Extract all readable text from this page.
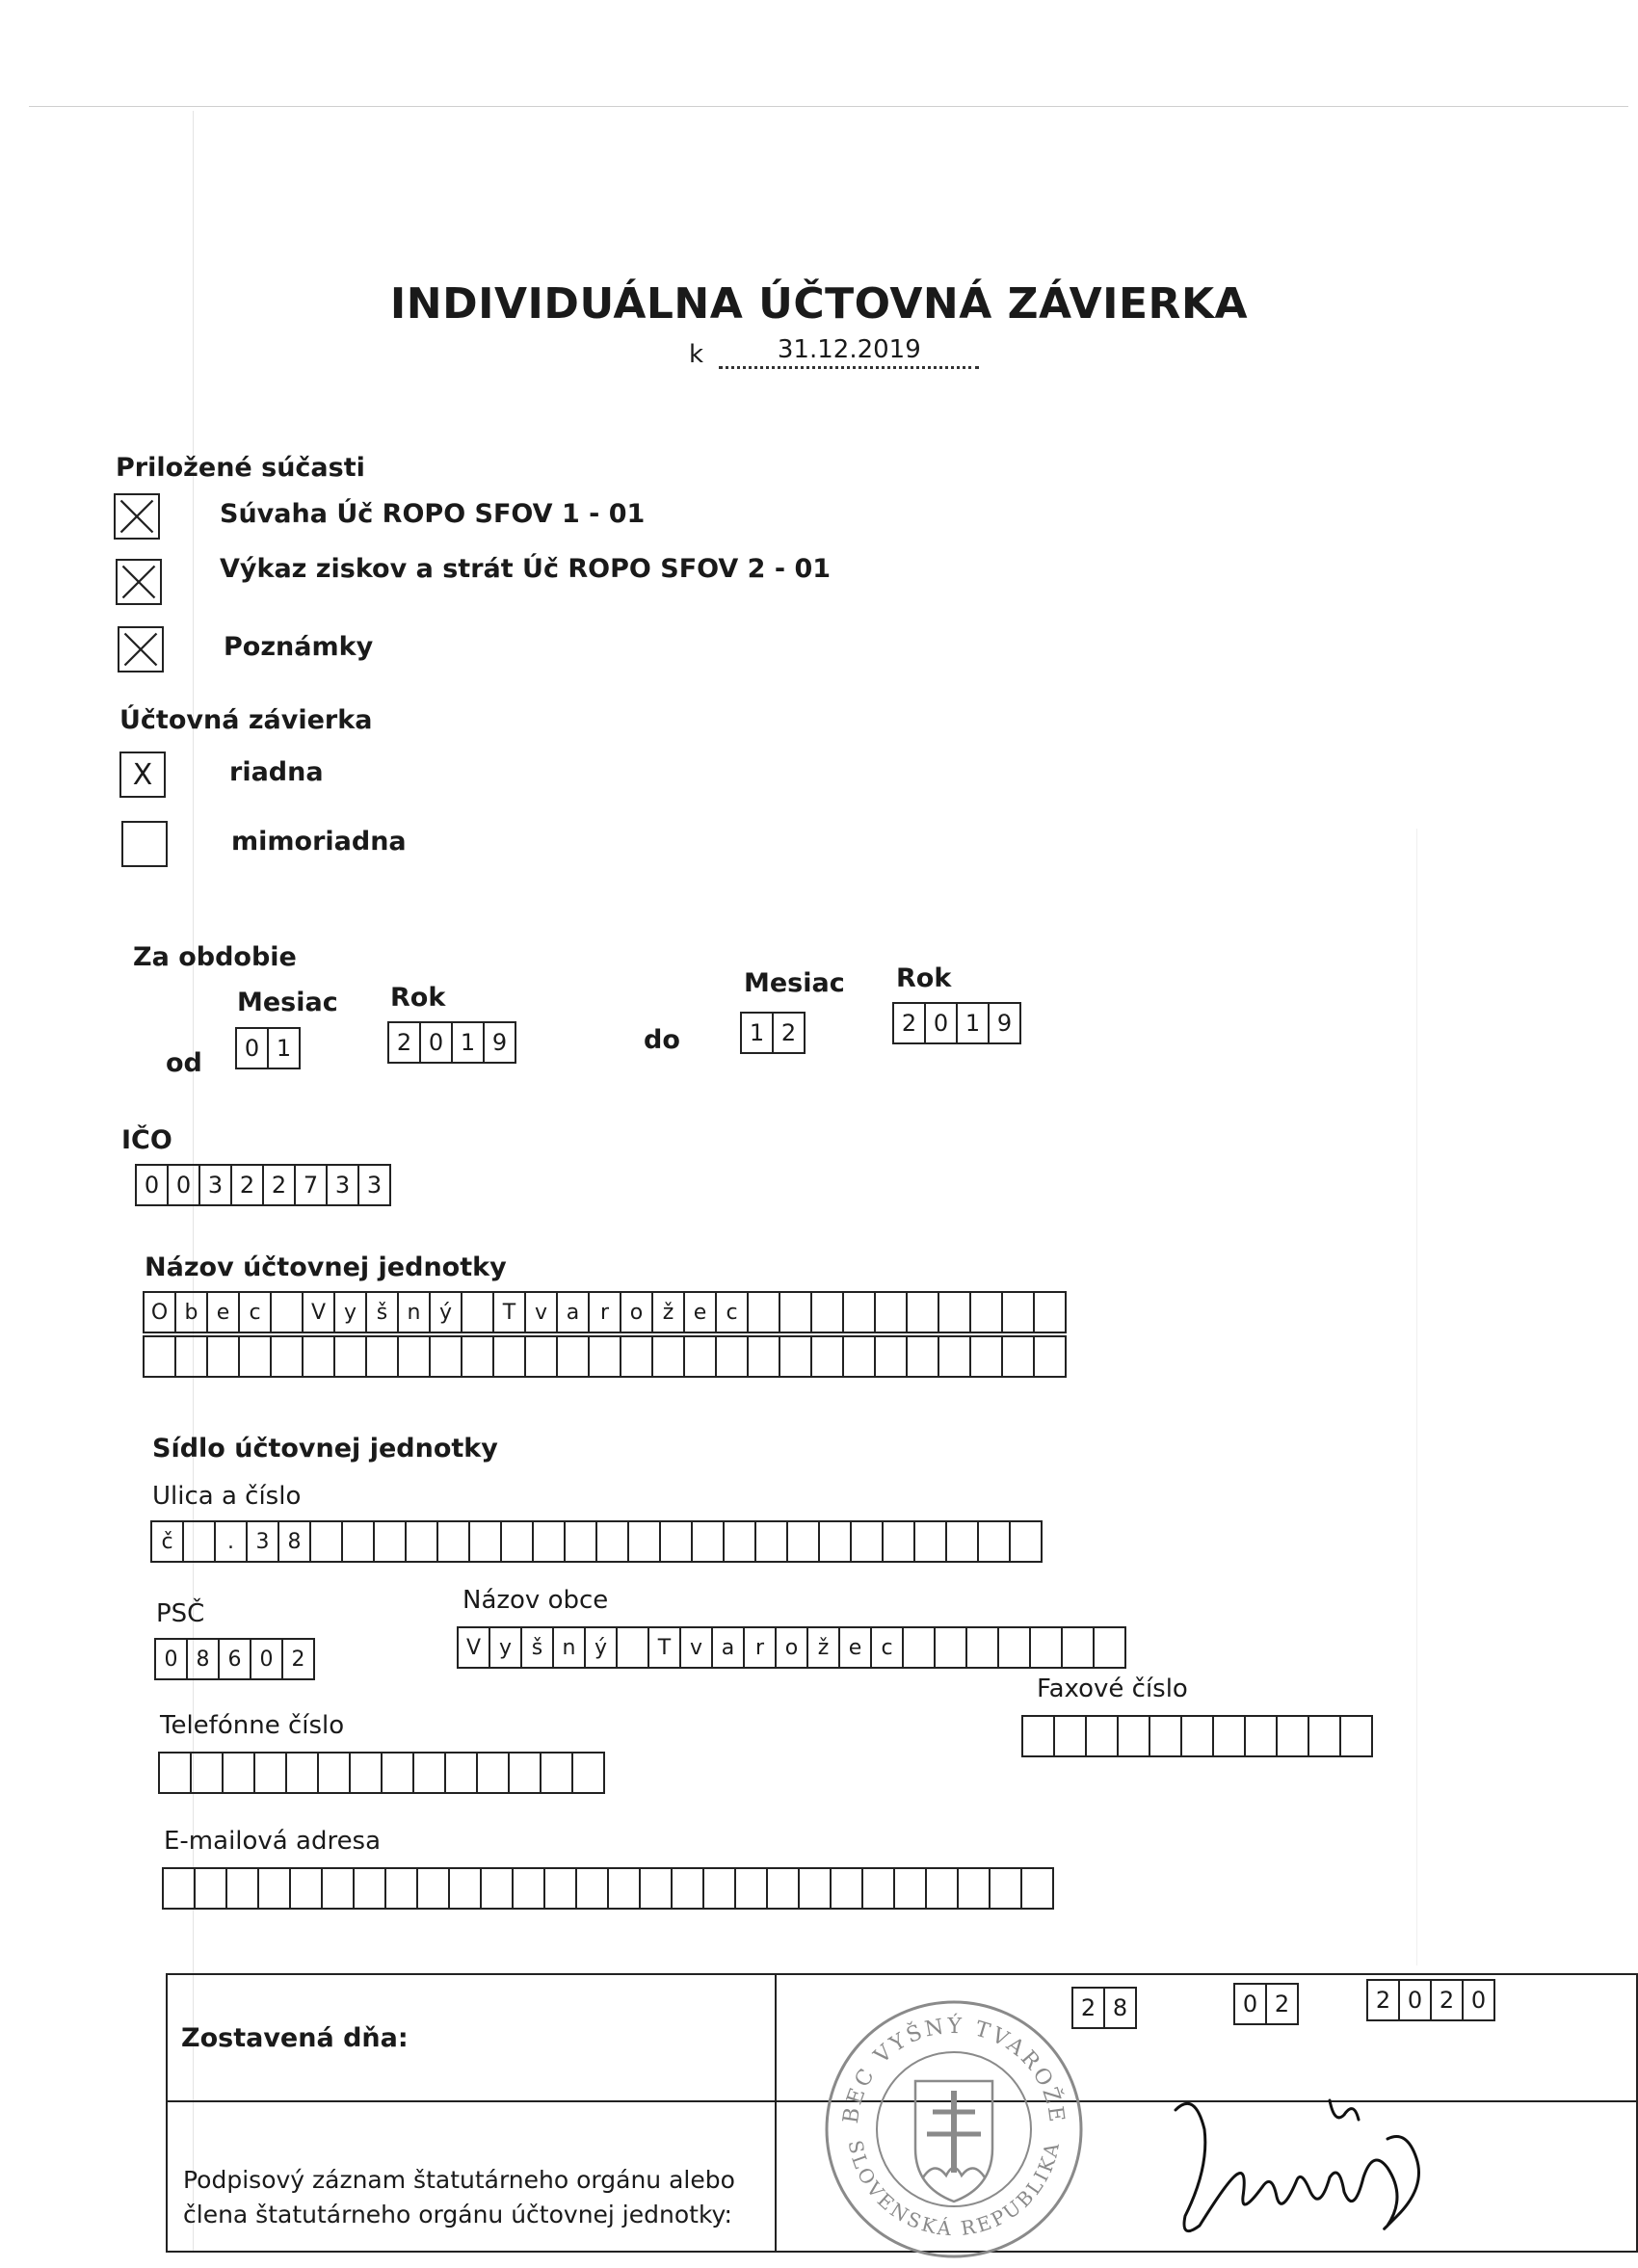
INDIVIDUÁLNA ÚČTOVNÁ ZÁVIERKA
k	31.12.2019
Priložené súčasti
Súvaha Úč ROPO SFOV 1 - 01
Výkaz ziskov a strát Úč ROPO SFOV 2 - 01
Poznámky
Účtovná závierka
X	riadna
mimoriadna
Za obdobie
Mesiac Rok
od	0 1	2 0 1 9	do
Mesiac Rok
1 2	2 0 1 9
IČO
0 0 3 2 2 7 3 3
Názov účtovnej jednotky
O b e c	V y š n ý	T v a r o ž e c
Sídlo účtovnej jednotky
Ulica a číslo
č	.	3 8
PSČ
0 8 6 0 2
Názov obce
V y š n ý	T v a r o ž e c
Telefónne číslo
Faxové číslo
E-mailová adresa
Zostavená dňa:
2 8	0 2	2 0 2 0
Podpisový záznam štatutárneho orgánu alebo
člena štatutárneho orgánu účtovnej jednotky:
BEC VYŠNÝ TVAROŽE
SLOVENSKÁ REPUBLIKA
